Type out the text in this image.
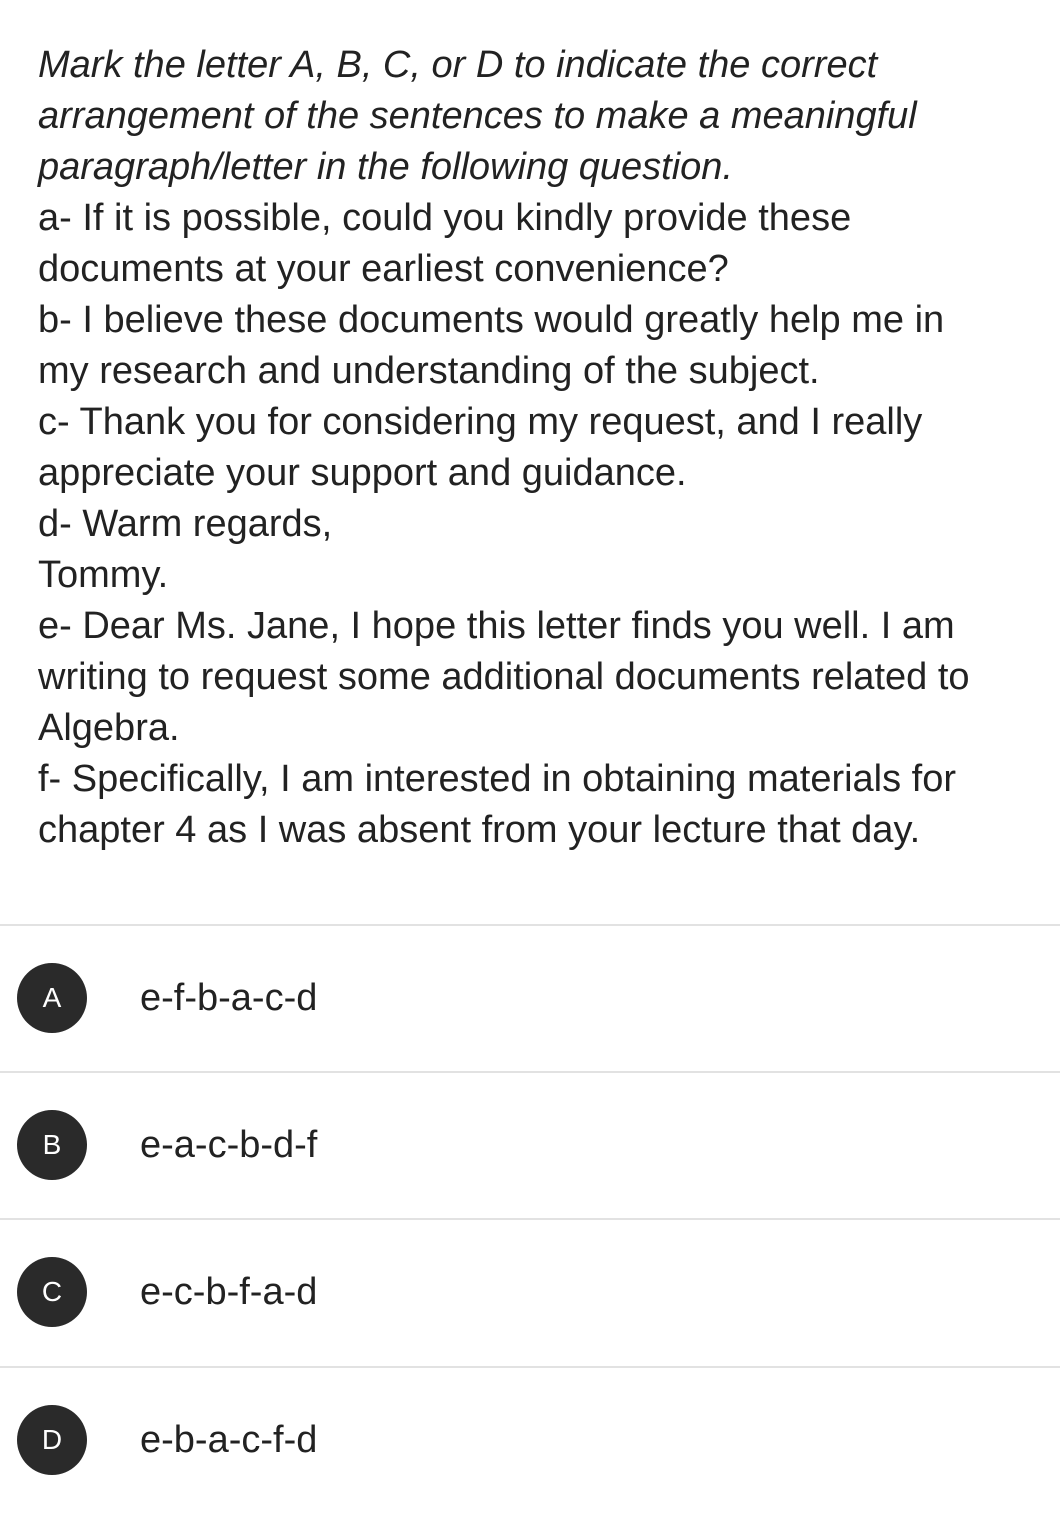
Mark the letter A, B, C, or D to indicate the correct
arrangement of the sentences to make a meaningful
paragraph/letter in the following question.
a- If it is possible, could you kindly provide these
documents at your earliest convenience?
b- I believe these documents would greatly help me in
my research and understanding of the subject.
c- Thank you for considering my request, and I really
appreciate your support and guidance.
d- Warm regards,
Tommy.
e- Dear Ms. Jane, I hope this letter finds you well. I am
writing to request some additional documents related to
Algebra.
f- Specifically, I am interested in obtaining materials for
chapter 4 as I was absent from your lecture that day.
A	e-f-b-a-c-d
B	e-a-c-b-d-f
C	e-c-b-f-a-d
D	e-b-a-c-f-d
